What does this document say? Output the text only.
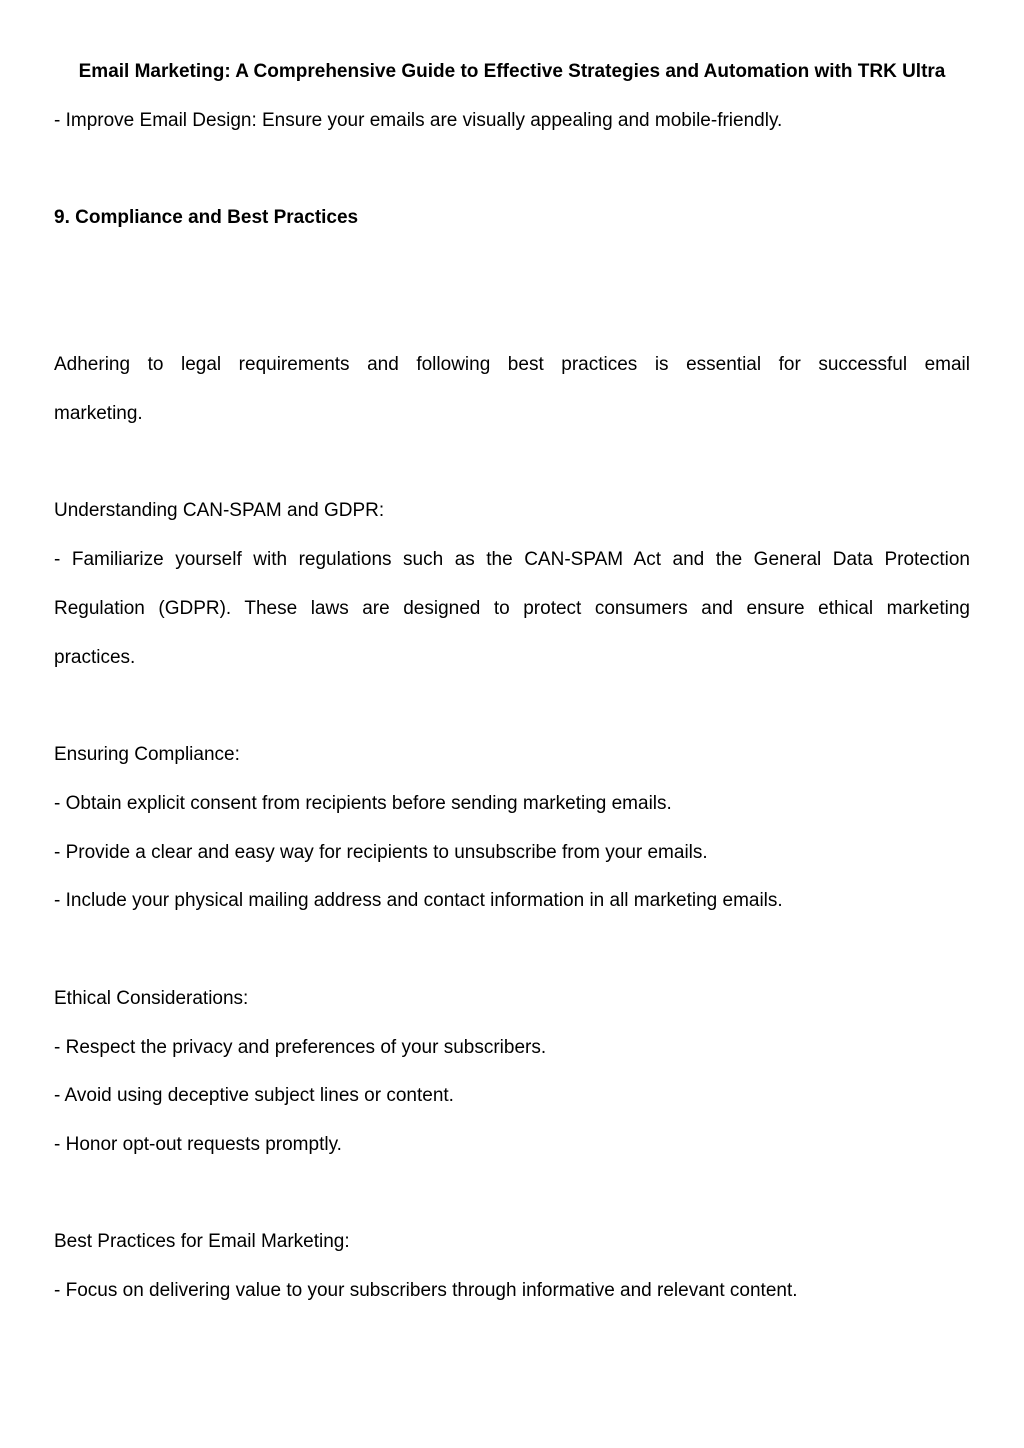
Email Marketing: A Comprehensive Guide to Effective Strategies and Automation with TRK Ultra

- Improve Email Design: Ensure your emails are visually appealing and mobile-friendly.

9. Compliance and Best Practices

Adhering to legal requirements and following best practices is essential for successful email

marketing.

Understanding CAN-SPAM and GDPR:

- Familiarize yourself with regulations such as the CAN-SPAM Act and the General Data Protection

Regulation (GDPR). These laws are designed to protect consumers and ensure ethical marketing

practices.

Ensuring Compliance:

- Obtain explicit consent from recipients before sending marketing emails.

- Provide a clear and easy way for recipients to unsubscribe from your emails.

- Include your physical mailing address and contact information in all marketing emails.

Ethical Considerations:

- Respect the privacy and preferences of your subscribers.

- Avoid using deceptive subject lines or content.

- Honor opt-out requests promptly.

Best Practices for Email Marketing:

- Focus on delivering value to your subscribers through informative and relevant content.
